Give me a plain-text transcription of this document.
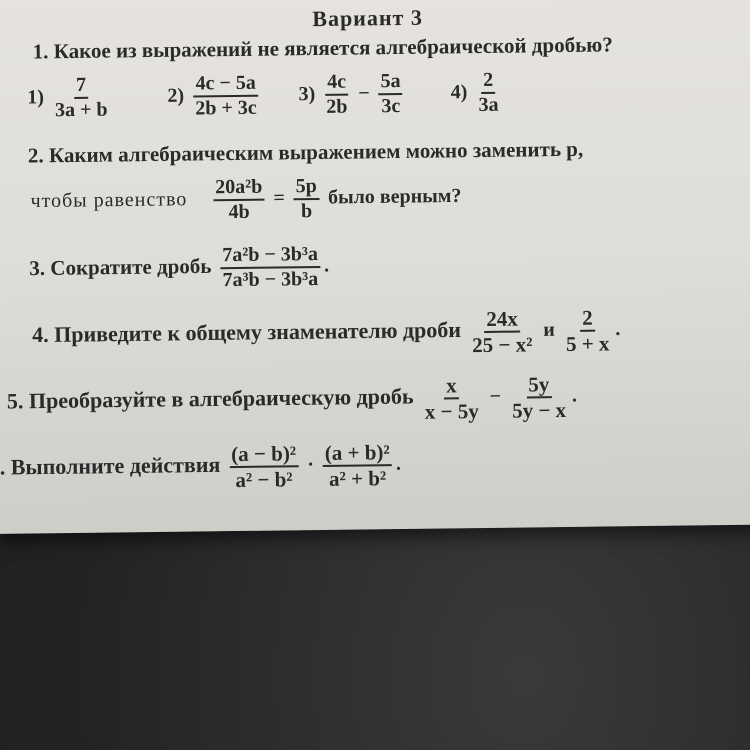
Вариант 3
1. Какое из выражений не является алгебраической дробью?
$1) \frac{7}{3a + b}$	$2) \frac{4c - 5a}{2b + 3c} 3) \frac{4c}{2b} - \frac{5a}{3c} 4) \frac{2}{3a}$
2. Каким алгебраическим выражением можно заменить p,
чтобы равенство $\frac{\text{20a²b}}{4b} = \frac{5p}{b}$ было верным?
3. Сократите дробь $\frac{\text{7a²b − 3b³a}}{\text{7a³b − 3b³a}}$ .
4. Приведите к общему знаменателю дроби $\frac{24x}{\text{25 − x²}}$ и $\frac{2}{5 + x}$ .
5. Преобразуйте в алгебраическую дробь $\frac{x}{x - 5y} - \frac{5y}{5y - x}$ .
. Выполните действия $\frac{\text{(a − b)²}}{\text{a² − b²}} \cdot \frac{\text{(a + b)²}}{\text{a² + b²}}$ .
